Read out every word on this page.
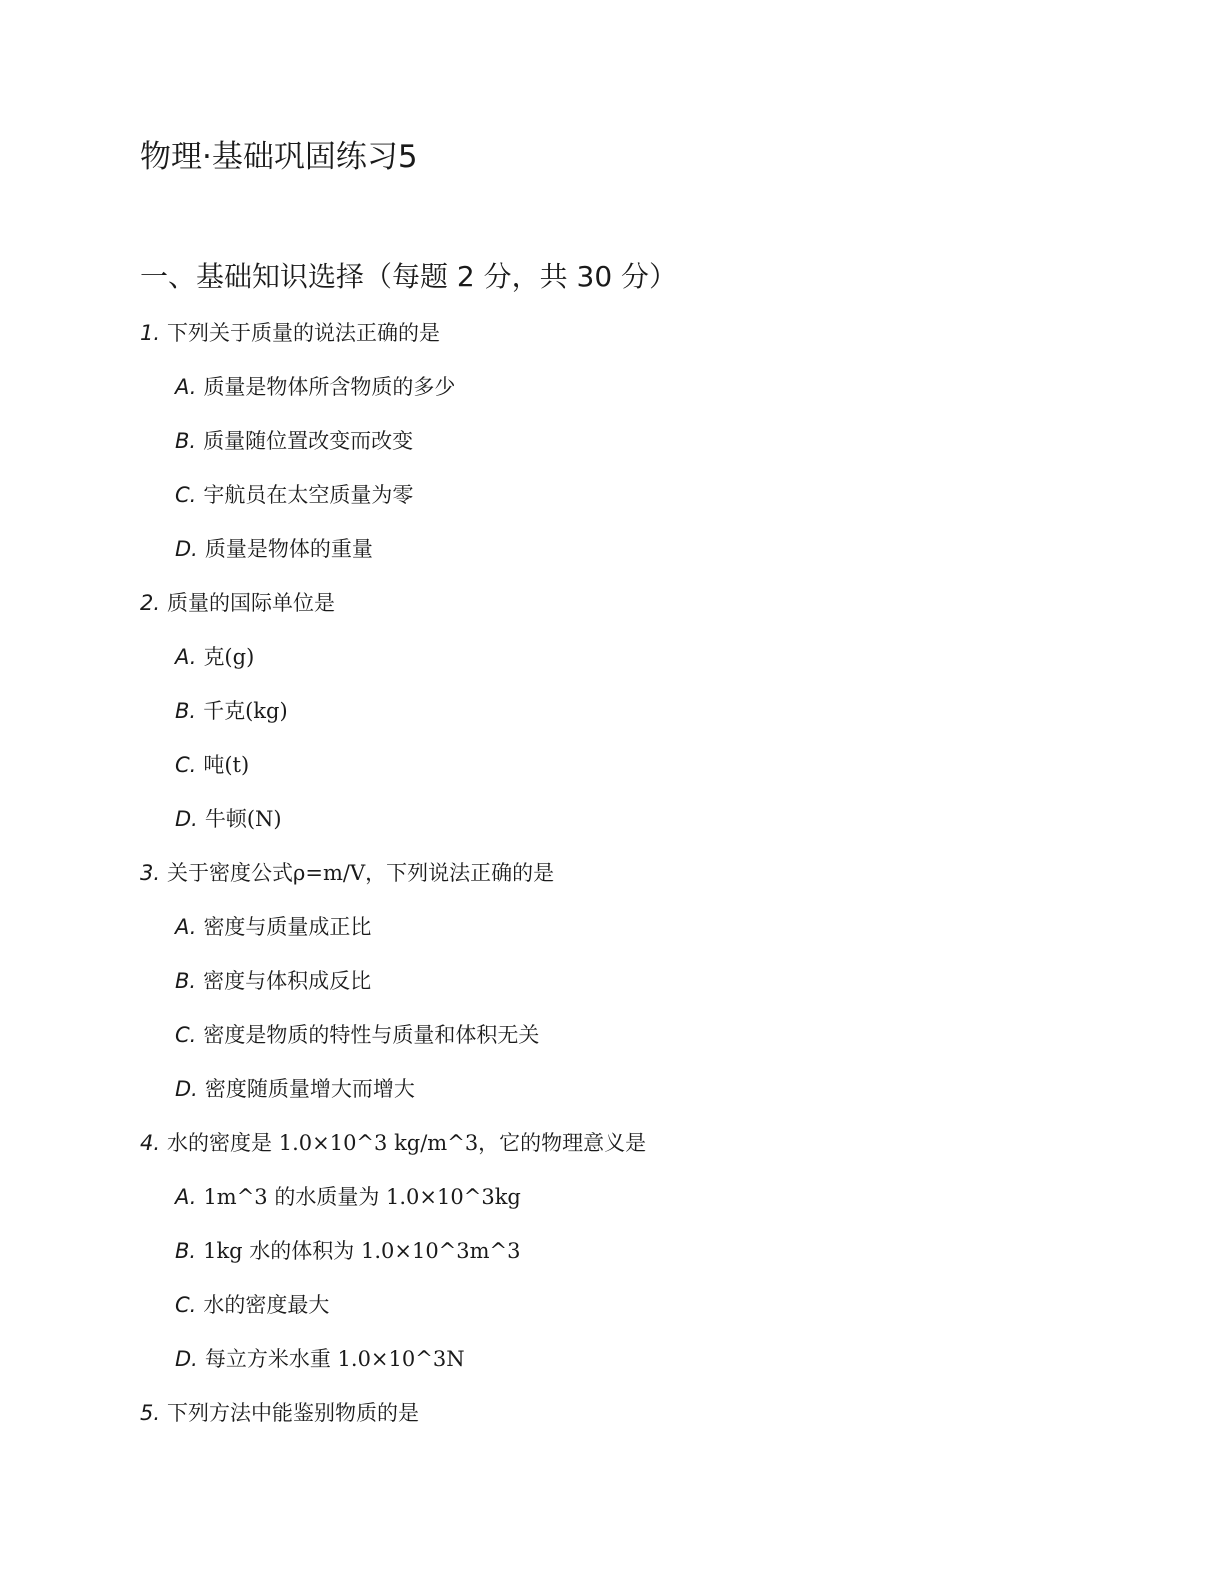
物理·基础巩固练习5
一、基础知识选择（每题 2 分，共 30 分）
1. 下列关于质量的说法正确的是
A. 质量是物体所含物质的多少
B. 质量随位置改变而改变
C. 宇航员在太空质量为零
D. 质量是物体的重量
2. 质量的国际单位是
A. 克(g)
B. 千克(kg)
C. 吨(t)
D. 牛顿(N)
3. 关于密度公式ρ=m/V，下列说法正确的是
A. 密度与质量成正比
B. 密度与体积成反比
C. 密度是物质的特性与质量和体积无关
D. 密度随质量增大而增大
4. 水的密度是 1.0×10^3 kg/m^3，它的物理意义是
A. 1m^3 的水质量为 1.0×10^3kg
B. 1kg 水的体积为 1.0×10^3m^3
C. 水的密度最大
D. 每立方米水重 1.0×10^3N
5. 下列方法中能鉴别物质的是
